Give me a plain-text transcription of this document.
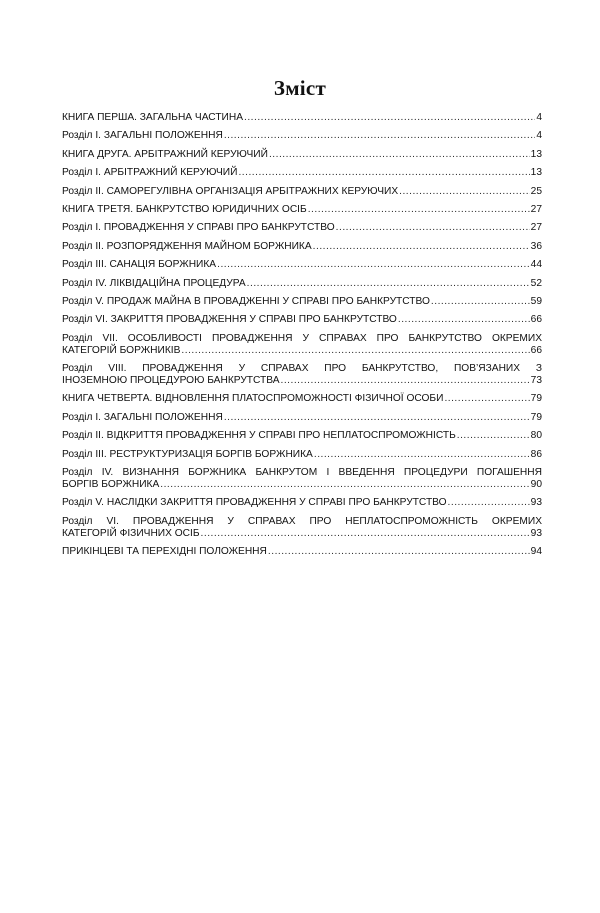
Зміст
КНИГА ПЕРША. ЗАГАЛЬНА ЧАСТИНА .....	4
Розділ І. ЗАГАЛЬНІ ПОЛОЖЕННЯ .....	4
КНИГА ДРУГА. АРБІТРАЖНИЙ КЕРУЮЧИЙ .....	13
Розділ І. АРБІТРАЖНИЙ КЕРУЮЧИЙ .....	13
Розділ ІІ. САМОРЕГУЛІВНА ОРГАНІЗАЦІЯ АРБІТРАЖНИХ КЕРУЮЧИХ .....	25
КНИГА ТРЕТЯ. БАНКРУТСТВО ЮРИДИЧНИХ ОСІБ .....	27
Розділ І. ПРОВАДЖЕННЯ У СПРАВІ ПРО БАНКРУТСТВО .....	27
Розділ ІІ. РОЗПОРЯДЖЕННЯ МАЙНОМ БОРЖНИКА .....	36
Розділ ІІІ. САНАЦІЯ БОРЖНИКА .....	44
Розділ IV. ЛІКВІДАЦІЙНА ПРОЦЕДУРА .....	52
Розділ V. ПРОДАЖ МАЙНА В ПРОВАДЖЕННІ У СПРАВІ ПРО БАНКРУТСТВО .....	59
Розділ VI. ЗАКРИТТЯ ПРОВАДЖЕННЯ У СПРАВІ ПРО БАНКРУТСТВО .....	66
Розділ VII. ОСОБЛИВОСТІ ПРОВАДЖЕННЯ У СПРАВАХ ПРО БАНКРУТСТВО ОКРЕМИХ
КАТЕГОРІЙ БОРЖНИКІВ .....	66
Розділ VIII. ПРОВАДЖЕННЯ У СПРАВАХ ПРО БАНКРУТСТВО, ПОВ’ЯЗАНИХ З
ІНОЗЕМНОЮ ПРОЦЕДУРОЮ БАНКРУТСТВА .....	73
КНИГА ЧЕТВЕРТА. ВІДНОВЛЕННЯ ПЛАТОСПРОМОЖНОСТІ ФІЗИЧНОЇ ОСОБИ .....	79
Розділ І. ЗАГАЛЬНІ ПОЛОЖЕННЯ .....	79
Розділ ІІ. ВІДКРИТТЯ ПРОВАДЖЕННЯ У СПРАВІ ПРО НЕПЛАТОСПРОМОЖНІСТЬ .....	80
Розділ ІІІ. РЕСТРУКТУРИЗАЦІЯ БОРГІВ БОРЖНИКА .....	86
Розділ IV. ВИЗНАННЯ БОРЖНИКА БАНКРУТОМ І ВВЕДЕННЯ ПРОЦЕДУРИ ПОГАШЕННЯ
БОРГІВ БОРЖНИКА .....	90
Розділ V. НАСЛІДКИ ЗАКРИТТЯ ПРОВАДЖЕННЯ У СПРАВІ ПРО БАНКРУТСТВО .....	93
Розділ VI. ПРОВАДЖЕННЯ У СПРАВАХ ПРО НЕПЛАТОСПРОМОЖНІСТЬ ОКРЕМИХ
КАТЕГОРІЙ ФІЗИЧНИХ ОСІБ .....	93
ПРИКІНЦЕВІ ТА ПЕРЕХІДНІ ПОЛОЖЕННЯ .....	94
